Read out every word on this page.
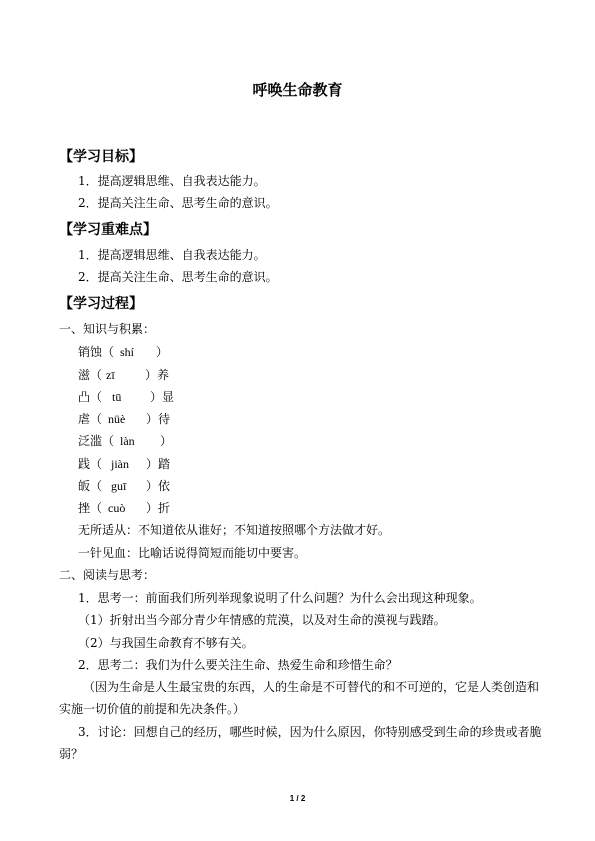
呼唤生命教育
【学习目标】
1．提高逻辑思维、自我表达能力。
2．提高关注生命、思考生命的意识。
【学习重难点】
1．提高逻辑思维、自我表达能力。
2．提高关注生命、思考生命的意识。
【学习过程】
一、知识与积累：
销蚀（ shí ）
滋（ zī	）养
凸（ tū ）显
虐（ nüè ）待
泛滥（ làn ）
践（ jiàn ）踏
皈（ guī ）依
挫（ cuò ）折
无所适从：不知道依从谁好；不知道按照哪个方法做才好。
一针见血：比喻话说得简短而能切中要害。
二、阅读与思考：
1．思考一：前面我们所列举现象说明了什么问题？为什么会出现这种现象。
（1）折射出当今部分青少年情感的荒漠，以及对生命的漠视与践踏。
（2）与我国生命教育不够有关。
2．思考二：我们为什么要关注生命、热爱生命和珍惜生命？
（因为生命是人生最宝贵的东西，人的生命是不可替代的和不可逆的，它是人类创造和
实施一切价值的前提和先决条件。）
3．讨论：回想自己的经历，哪些时候，因为什么原因，你特别感受到生命的珍贵或者脆
弱？
1 / 2
